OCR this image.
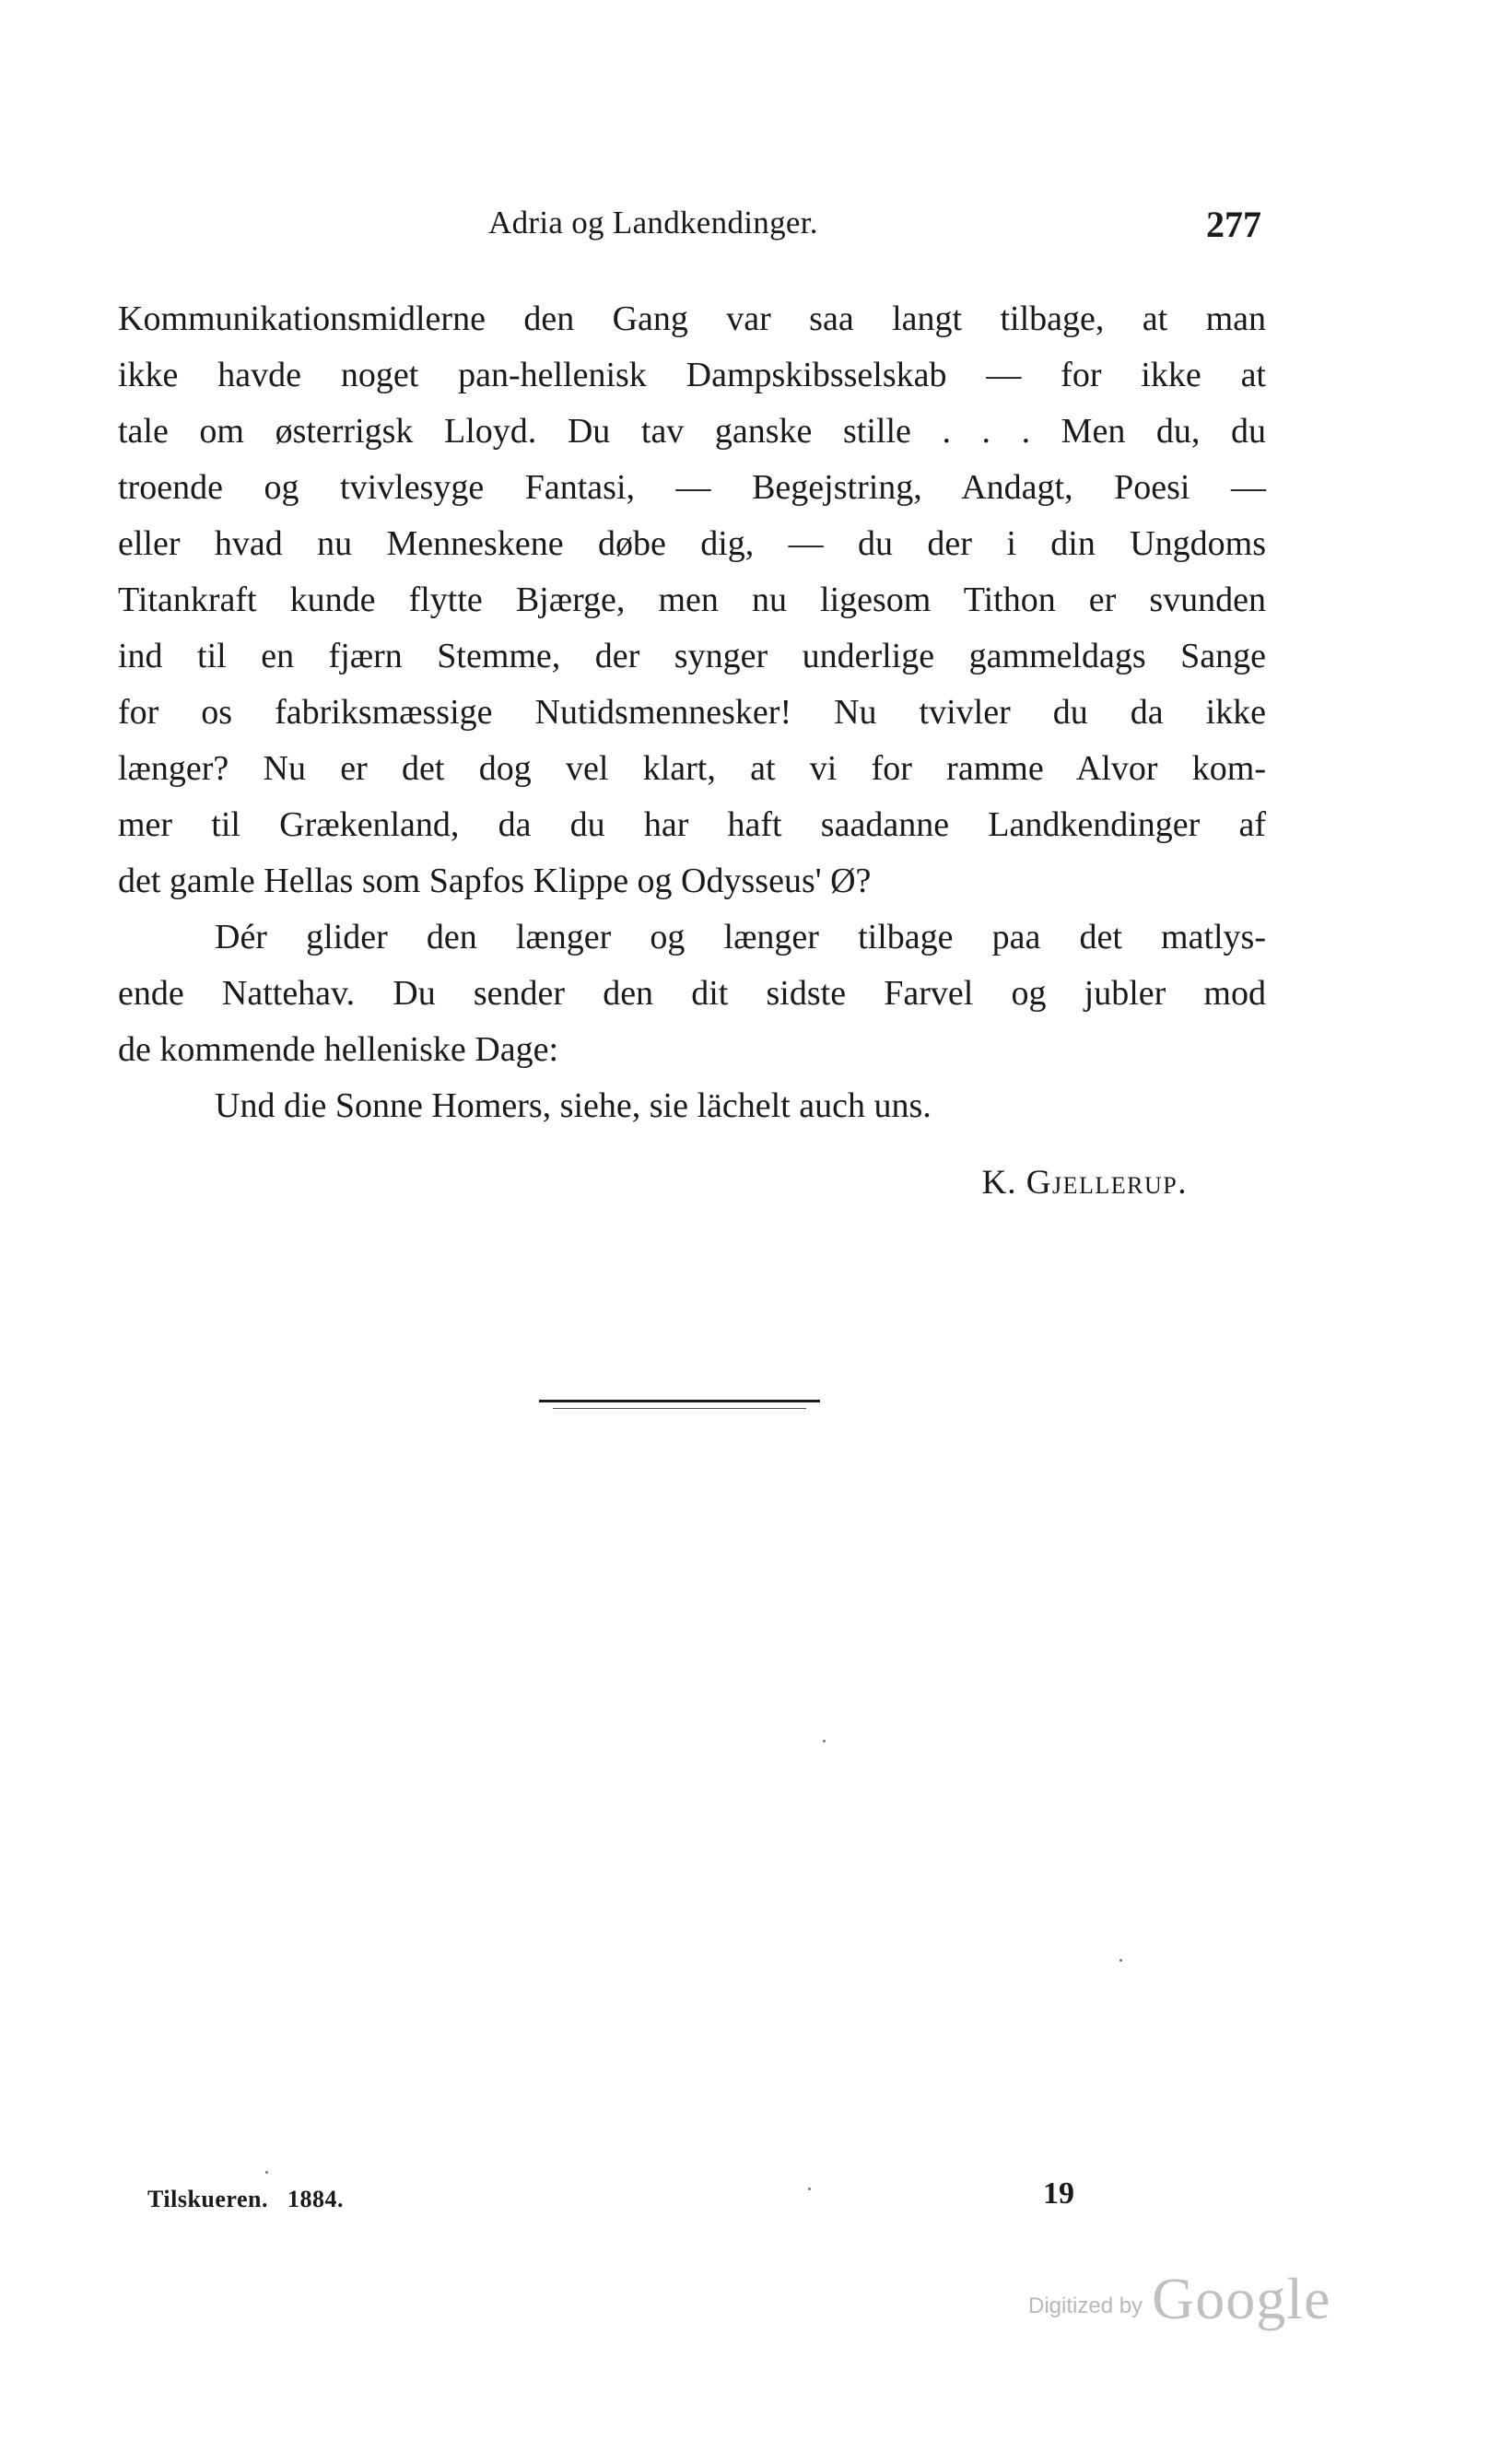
Adria og Landkendinger.	277
Kommunikationsmidlerne den Gang var saa langt tilbage, at man
ikke havde noget pan-hellenisk Dampskibsselskab — for ikke at
tale om østerrigsk Lloyd. Du tav ganske stille . . . Men du, du
troende og tvivlesyge Fantasi, — Begejstring, Andagt, Poesi —
eller hvad nu Menneskene døbe dig, — du der i din Ungdoms
Titankraft kunde flytte Bjærge, men nu ligesom Tithon er svunden
ind til en fjærn Stemme, der synger underlige gammeldags Sange
for os fabriksmæssige Nutidsmennesker! Nu tvivler du da ikke
længer? Nu er det dog vel klart, at vi for ramme Alvor kom-
mer til Grækenland, da du har haft saadanne Landkendinger af
det gamle Hellas som Sapfos Klippe og Odysseus' Ø?
Dér glider den længer og længer tilbage paa det matlys-
ende Nattehav. Du sender den dit sidste Farvel og jubler mod
de kommende helleniske Dage:
Und die Sonne Homers, siehe, sie lächelt auch uns.
K. Gjellerup.
Tilskueren. 1884.	19
Digitized by Google
